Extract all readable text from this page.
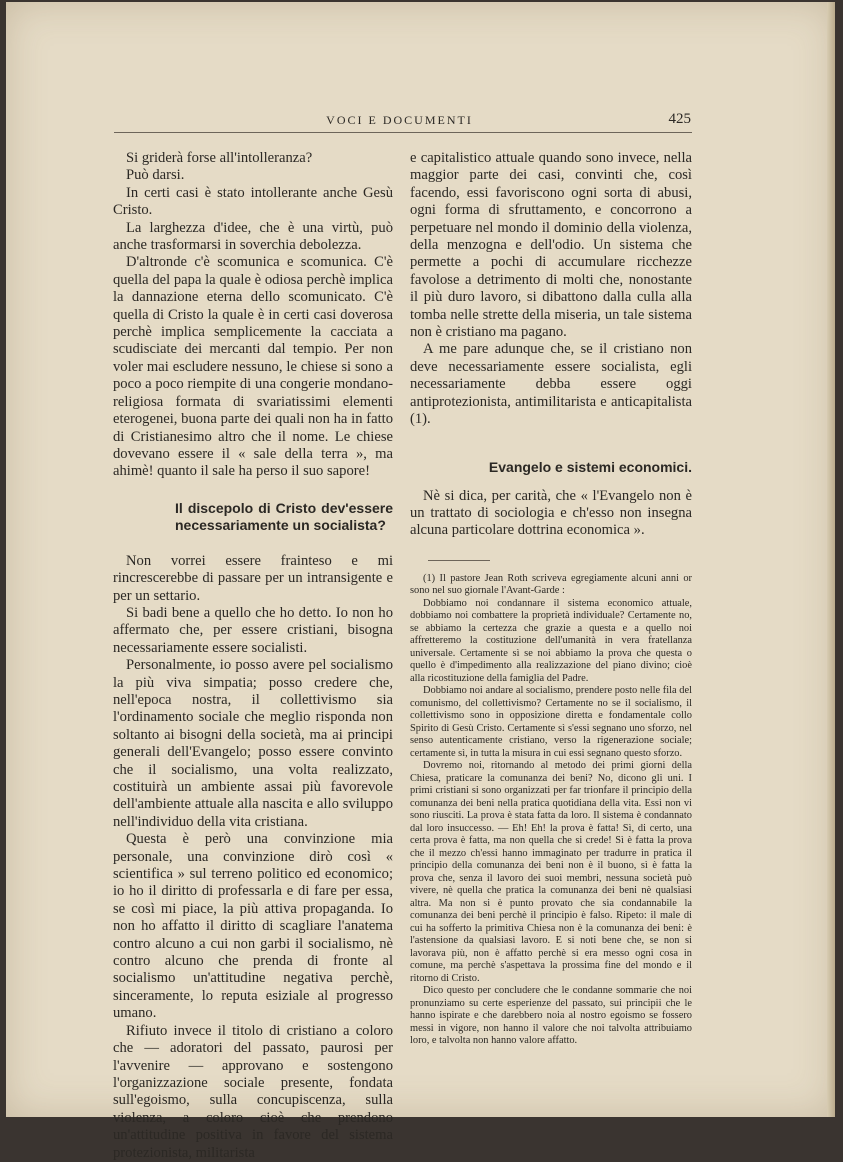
VOCI E DOCUMENTI	425

Si griderà forse all'intolleranza?

Può darsi.

In certi casi è stato intollerante anche Gesù Cristo.

La larghezza d'idee, che è una virtù, può anche trasformarsi in soverchia debolezza.

D'altronde c'è scomunica e scomunica. C'è quella del papa la quale è odiosa perchè implica la dannazione eterna dello scomunicato. C'è quella di Cristo la quale è in certi casi doverosa perchè implica semplicemente la cacciata a scudisciate dei mercanti dal tempio. Per non voler mai escludere nessuno, le chiese si sono a poco a poco riempite di una congerie mondano-religiosa formata di svariatissimi elementi eterogenei, buona parte dei quali non ha in fatto di Cristianesimo altro che il nome. Le chiese dovevano essere il « sale della terra », ma ahimè! quanto il sale ha perso il suo sapore!

Il discepolo di Cristo dev'essere necessariamente un socialista?

Non vorrei essere frainteso e mi rincrescerebbe di passare per un intransigente e per un settario.

Si badi bene a quello che ho detto. Io non ho affermato che, per essere cristiani, bisogna necessariamente essere socialisti.

Personalmente, io posso avere pel socialismo la più viva simpatia; posso credere che, nell'epoca nostra, il collettivismo sia l'ordinamento sociale che meglio risponda non soltanto ai bisogni della società, ma ai principi generali dell'Evangelo; posso essere convinto che il socialismo, una volta realizzato, costituirà un ambiente assai più favorevole dell'ambiente attuale alla nascita e allo sviluppo nell'individuo della vita cristiana.

Questa è però una convinzione mia personale, una convinzione dirò così « scientifica » sul terreno politico ed economico; io ho il diritto di professarla e di fare per essa, se così mi piace, la più attiva propaganda. Io non ho affatto il diritto di scagliare l'anatema contro alcuno a cui non garbi il socialismo, nè contro alcuno che prenda di fronte al socialismo un'attitudine negativa perchè, sinceramente, lo reputa esiziale al progresso umano.

Rifiuto invece il titolo di cristiano a coloro che — adoratori del passato, paurosi per l'avvenire — approvano e sostengono l'organizzazione sociale presente, fondata sull'egoismo, sulla concupiscenza, sulla violenza, a coloro cioè che prendono un'attitudine positiva in favore del sistema protezionista, militarista

e capitalistico attuale quando sono invece, nella maggior parte dei casi, convinti che, così facendo, essi favoriscono ogni sorta di abusi, ogni forma di sfruttamento, e concorrono a perpetuare nel mondo il dominio della violenza, della menzogna e dell'odio. Un sistema che permette a pochi di accumulare ricchezze favolose a detrimento di molti che, nonostante il più duro lavoro, si dibattono dalla culla alla tomba nelle strette della miseria, un tale sistema non è cristiano ma pagano.

A me pare adunque che, se il cristiano non deve necessariamente essere socialista, egli necessariamente debba essere oggi antiprotezionista, antimilitarista e anticapitalista (1).

Evangelo e sistemi economici.

Nè si dica, per carità, che « l'Evangelo non è un trattato di sociologia e ch'esso non insegna alcuna particolare dottrina economica ».

(1) Il pastore Jean Roth scriveva egregiamente alcuni anni or sono nel suo giornale l'Avant-Garde :

Dobbiamo noi condannare il sistema economico attuale, dobbiamo noi combattere la proprietà individuale? Certamente no, se abbiamo la certezza che grazie a questa e a quello noi affretteremo la costituzione dell'umanità in vera fratellanza universale. Certamente sì se noi abbiamo la prova che questa o quello è d'impedimento alla realizzazione del piano divino; cioè alla ricostituzione della famiglia del Padre.

Dobbiamo noi andare al socialismo, prendere posto nelle fila del comunismo, del collettivismo? Certamente no se il socialismo, il collettivismo sono in opposizione diretta e fondamentale collo Spirito di Gesù Cristo. Certamente sì s'essi segnano uno sforzo, nel senso autenticamente cristiano, verso la rigenerazione sociale; certamente sì, in tutta la misura in cui essi segnano questo sforzo.

Dovremo noi, ritornando al metodo dei primi giorni della Chiesa, praticare la comunanza dei beni? No, dicono gli uni. I primi cristiani si sono organizzati per far trionfare il principio della comunanza dei beni nella pratica quotidiana della vita. Essi non vi sono riusciti. La prova è stata fatta da loro. Il sistema è condannato dal loro insuccesso. — Eh! Eh! la prova è fatta! Sì, di certo, una certa prova è fatta, ma non quella che si crede! Sì è fatta la prova che il mezzo ch'essi hanno immaginato per tradurre in pratica il principio della comunanza dei beni non è il buono, sì è fatta la prova che, senza il lavoro dei suoi membri, nessuna società può vivere, nè quella che pratica la comunanza dei beni nè qualsiasi altra. Ma non si è punto provato che sia condannabile la comunanza dei beni perchè il principio è falso. Ripeto: il male di cui ha sofferto la primitiva Chiesa non è la comunanza dei beni: è l'astensione da qualsiasi lavoro. E si noti bene che, se non si lavorava più, non è affatto perchè si era messo ogni cosa in comune, ma perchè s'aspettava la prossima fine del mondo e il ritorno di Cristo.

Dico questo per concludere che le condanne sommarie che noi pronunziamo su certe esperienze del passato, sui principii che le hanno ispirate e che darebbero noia al nostro egoismo se fossero messi in vigore, non hanno il valore che noi talvolta attribuiamo loro, e talvolta non hanno valore affatto.
